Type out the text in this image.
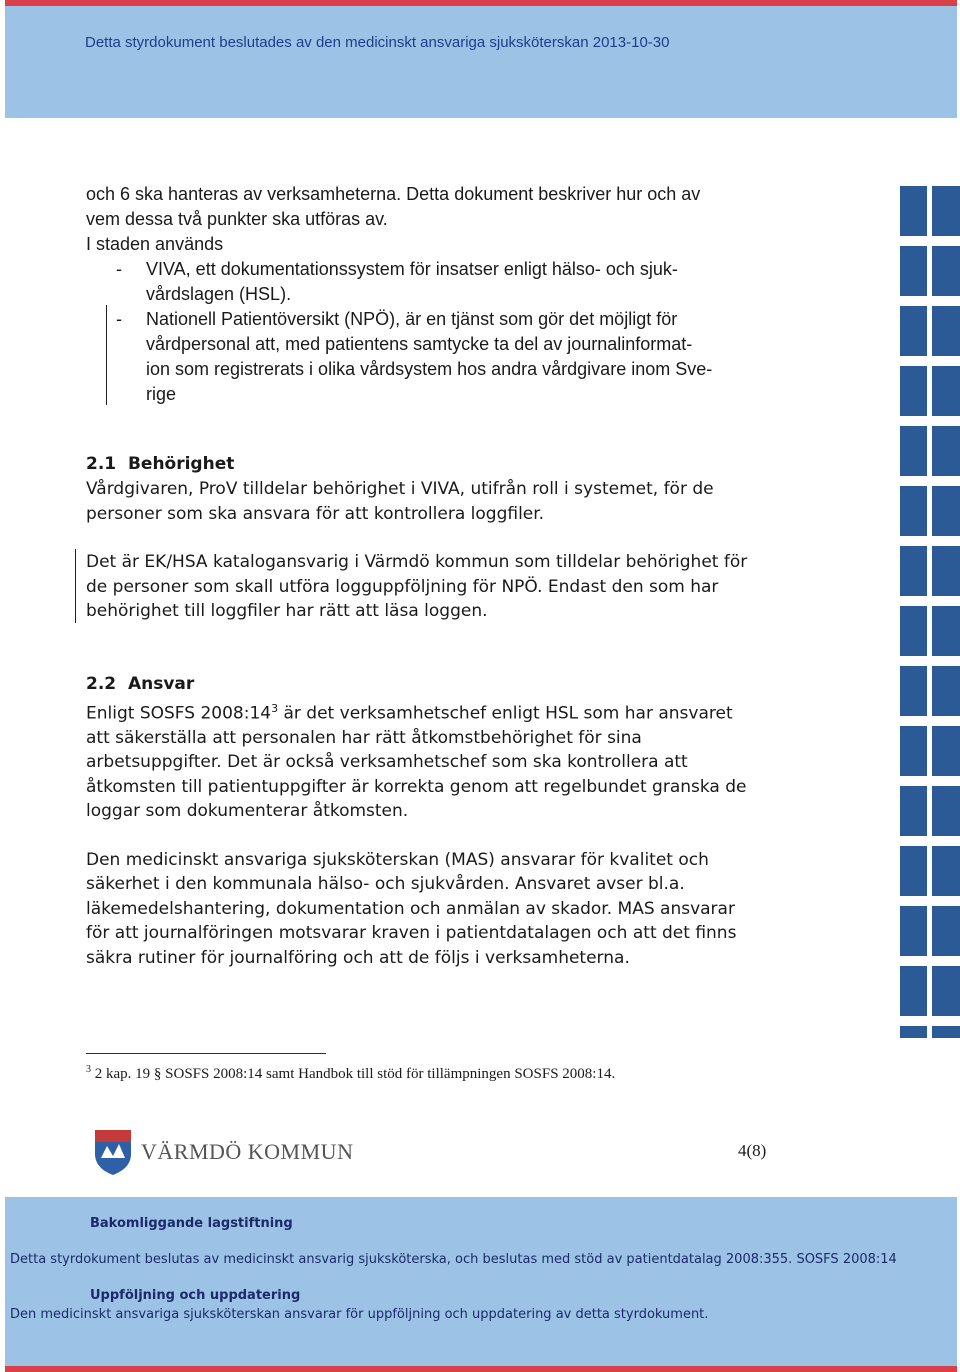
Detta styrdokument beslutades av den medicinskt ansvariga sjuksköterskan 2013-10-30
och 6 ska hanteras av verksamheterna. Detta dokument beskriver hur och av
vem dessa två punkter ska utföras av.
I staden används
- VIVA, ett dokumentationssystem för insatser enligt hälso- och sjuk-
vårdslagen (HSL).
- Nationell Patientöversikt (NPÖ), är en tjänst som gör det möjligt för
vårdpersonal att, med patientens samtycke ta del av journalinformat-
ion som registrerats i olika vårdsystem hos andra vårdgivare inom Sve-
rige
2.1  Behörighet
Vårdgivaren, ProV tilldelar behörighet i VIVA, utifrån roll i systemet, för de
personer som ska ansvara för att kontrollera loggfiler.
Det är EK/HSA katalogansvarig i Värmdö kommun som tilldelar behörighet för
de personer som skall utföra logguppföljning för NPÖ. Endast den som har
behörighet till loggfiler har rätt att läsa loggen.
2.2  Ansvar
Enligt SOSFS $2008:14^3$ är det verksamhetschef enligt HSL som har ansvaret
att säkerställa att personalen har rätt åtkomstbehörighet för sina
arbetsuppgifter. Det är också verksamhetschef som ska kontrollera att
åtkomsten till patientuppgifter är korrekta genom att regelbundet granska de
loggar som dokumenterar åtkomsten.
Den medicinskt ansvariga sjuksköterskan (MAS) ansvarar för kvalitet och
säkerhet i den kommunala hälso- och sjukvården. Ansvaret avser bl.a.
läkemedelshantering, dokumentation och anmälan av skador. MAS ansvarar
för att journalföringen motsvarar kraven i patientdatalagen och att det finns
säkra rutiner för journalföring och att de följs i verksamheterna.
$^3$ 2 kap. 19 § SOSFS 2008:14 samt Handbok till stöd för tillämpningen SOSFS 2008:14.
VÄRMDÖ KOMMUN	4(8)
Bakomliggande lagstiftning
Detta styrdokument beslutas av medicinskt ansvarig sjuksköterska, och beslutas med stöd av patientdatalag 2008:355. SOSFS 2008:14
Uppföljning och uppdatering
Den medicinskt ansvariga sjuksköterskan ansvarar för uppföljning och uppdatering av detta styrdokument.
